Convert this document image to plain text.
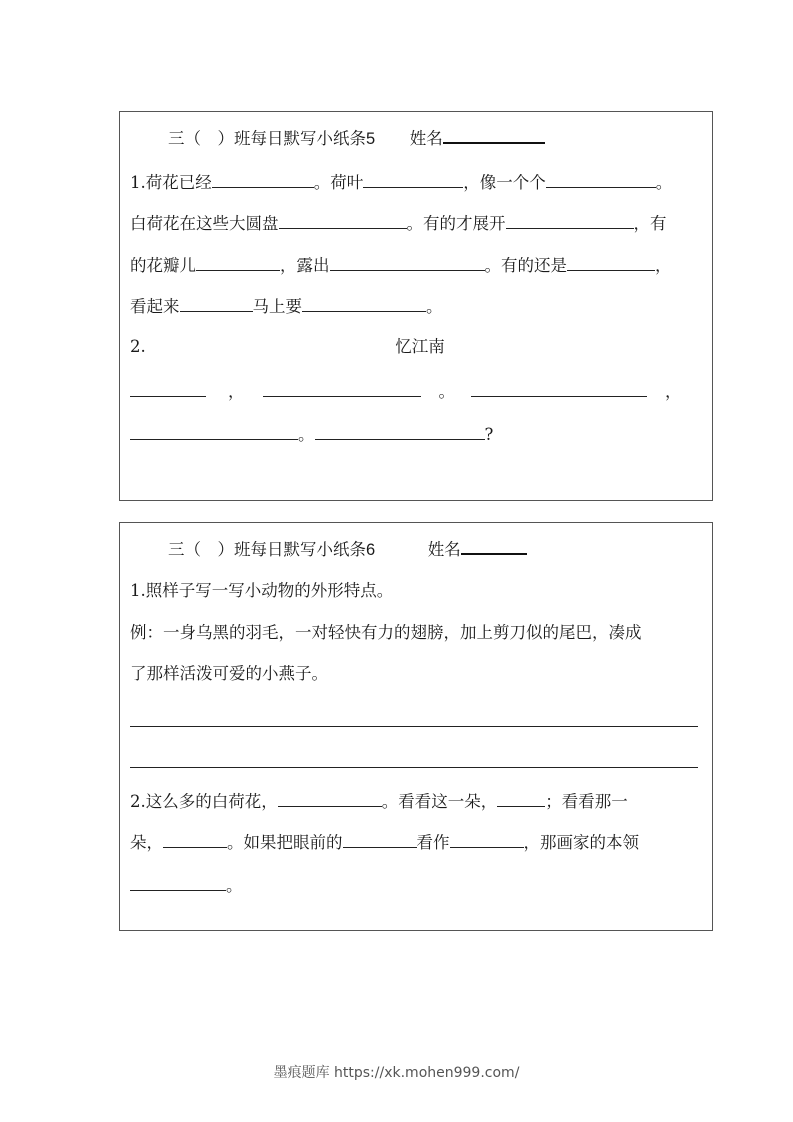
三（　）班每日默写小纸条5 姓名
1.荷花已经	。荷叶	，像一个个	。
白荷花在这些大圆盘	。有的才展开	，有
的花瓣儿	，露出	。有的还是	，
看起来	马上要	。
2.	忆江南
，	。	，
。	?
三（　）班每日默写小纸条6	姓名
1.照样子写一写小动物的外形特点。
例：一身乌黑的羽毛，一对轻快有力的翅膀，加上剪刀似的尾巴，凑成
了那样活泼可爱的小燕子。
2.这么多的白荷花，	。看看这一朵，	；看看那一
朵，	。如果把眼前的	看作	，那画家的本领
。
墨痕题库 https://xk.mohen999.com/
